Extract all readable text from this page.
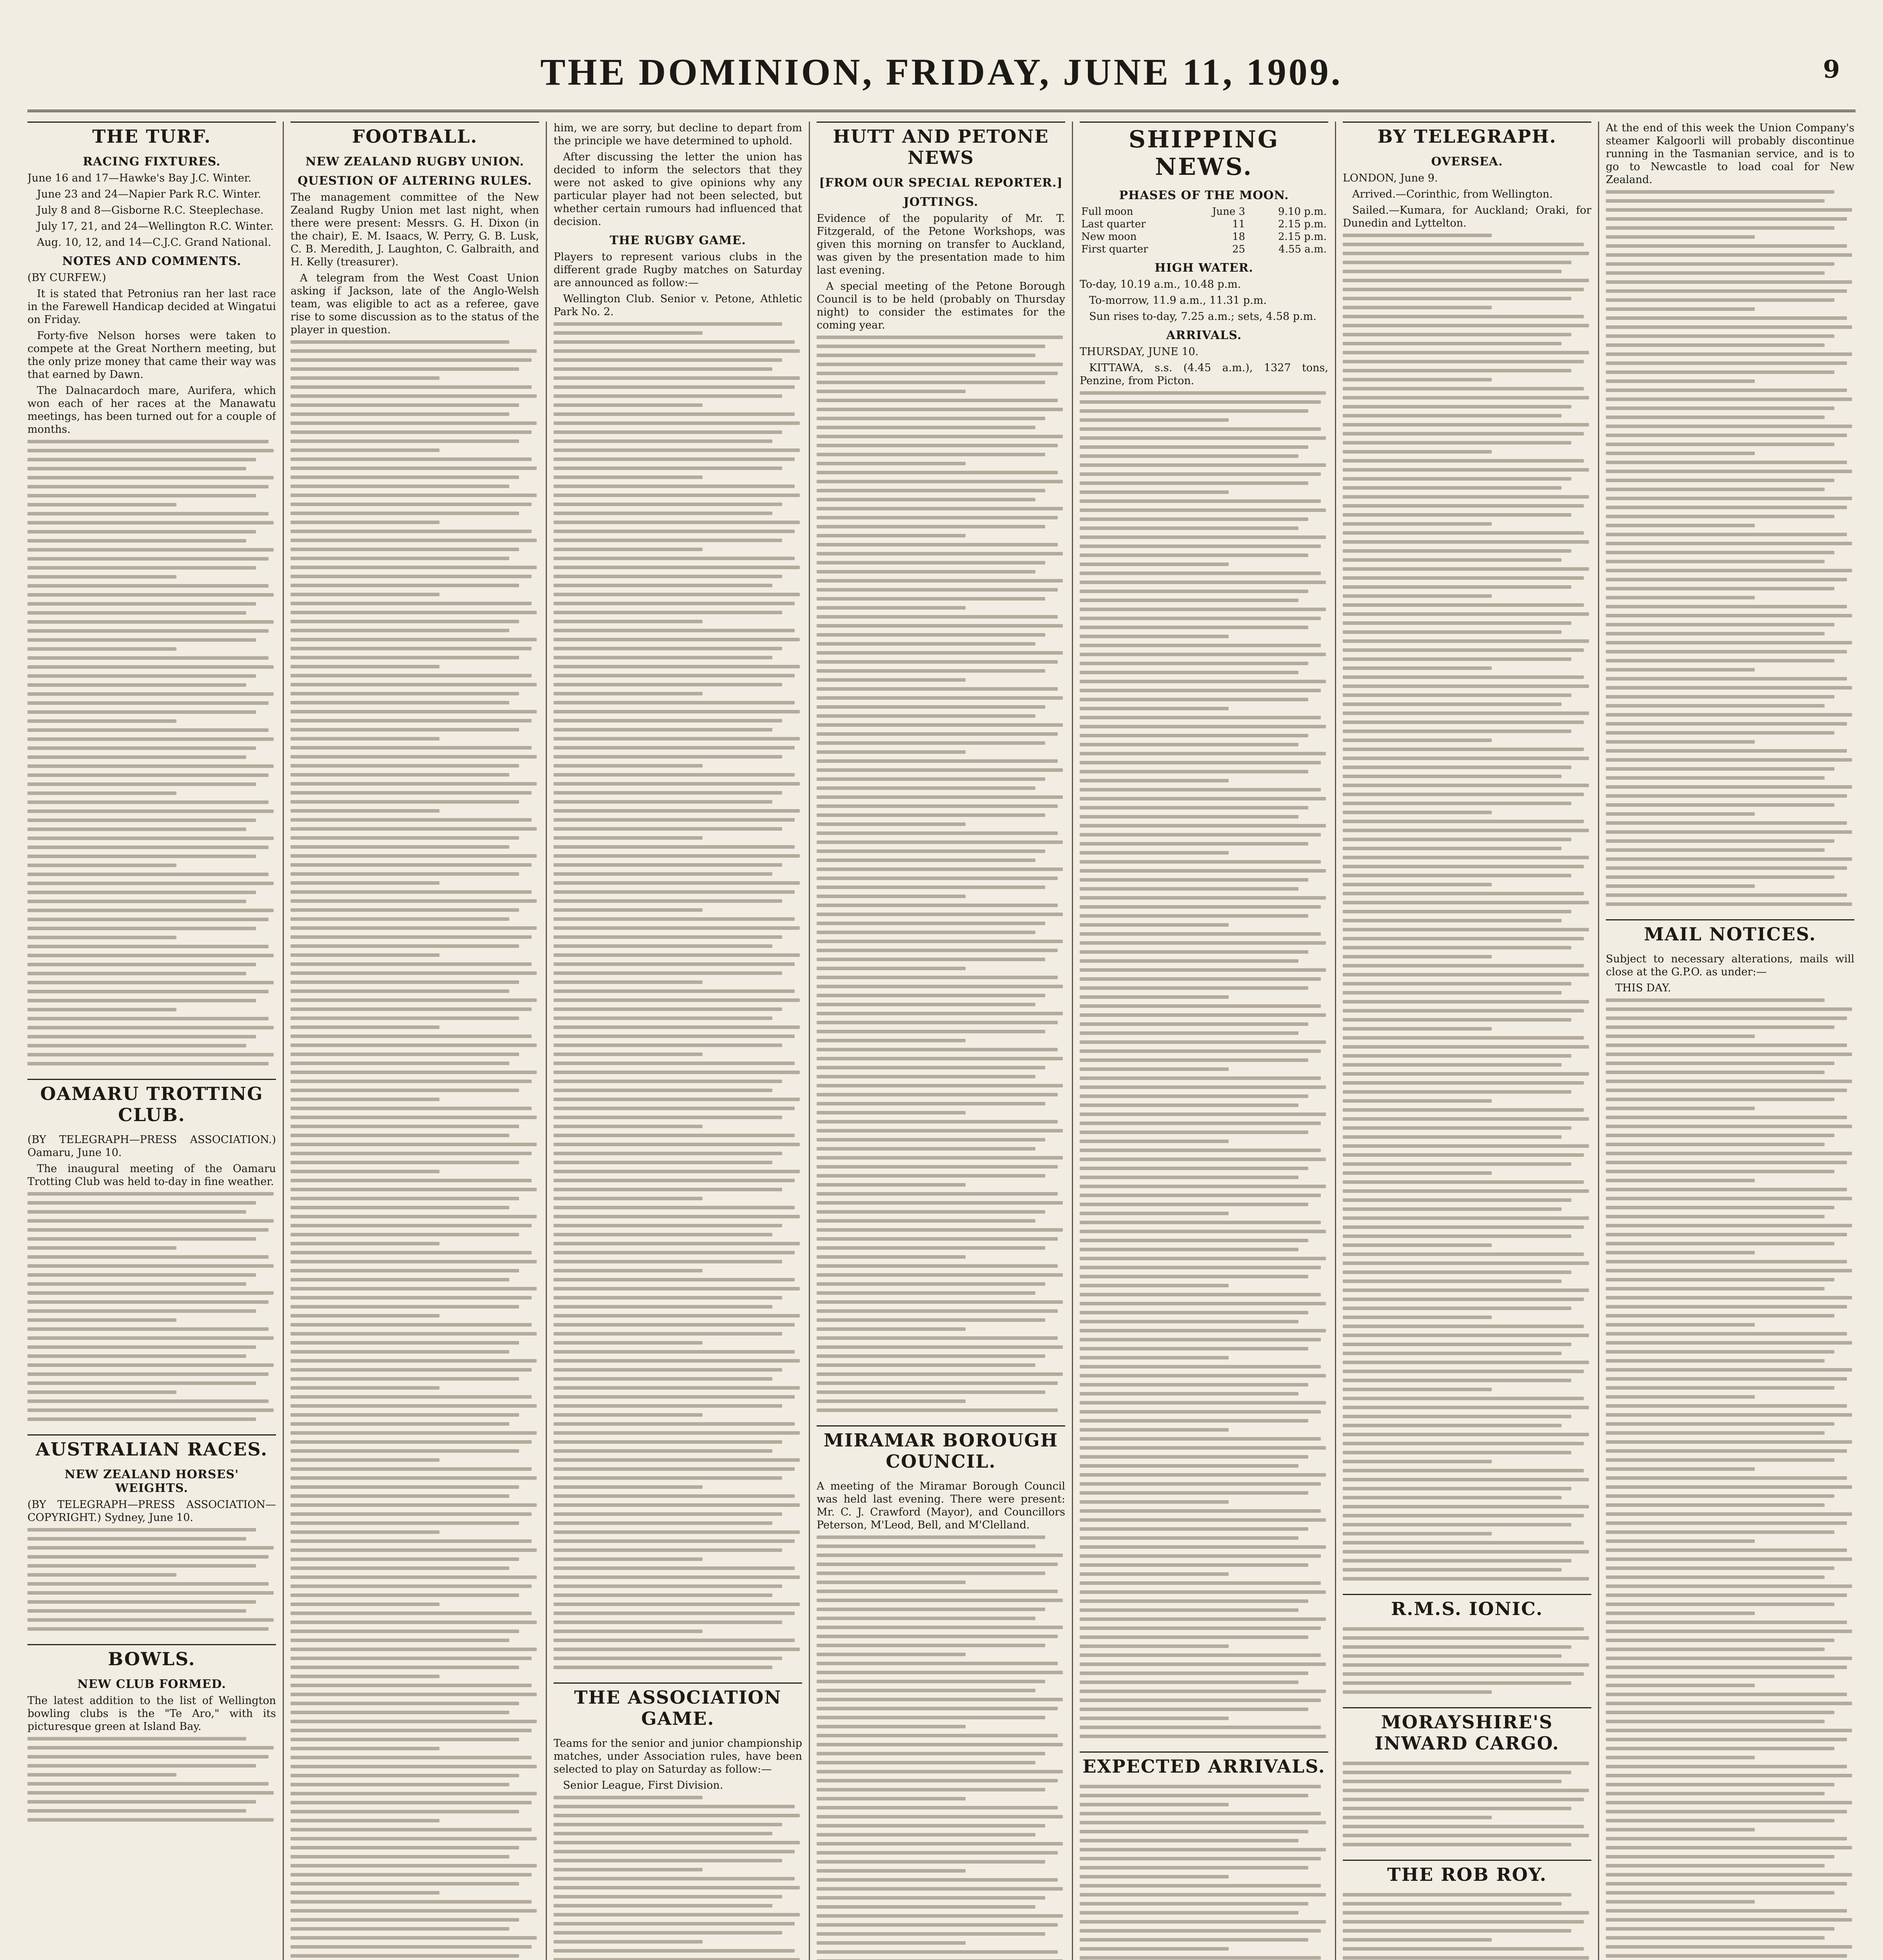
THE DOMINION, FRIDAY, JUNE 11, 1909.	9
THE TURF.
RACING FIXTURES.
June 16 and 17—Hawke's Bay J.C. Winter.
June 23 and 24—Napier Park R.C. Winter.
July 8 and 8—Gisborne R.C. Steeplechase.
July 17, 21, and 24—Wellington R.C. Winter.
Aug. 10, 12, and 14—C.J.C. Grand National.
NOTES AND COMMENTS.
(BY CURFEW.)
It is stated that Petronius ran her last race in the Farewell Handicap decided at Wingatui on Friday.
Forty-five Nelson horses were taken to compete at the Great Northern meeting, but the only prize money that came their way was that earned by Dawn.
The Dalnacardoch mare, Aurifera, which won each of her races at the Manawatu meetings, has been turned out for a couple of months.
OAMARU TROTTING CLUB.
(BY TELEGRAPH—PRESS ASSOCIATION.) Oamaru, June 10.
The inaugural meeting of the Oamaru Trotting Club was held to-day in fine weather.
AUSTRALIAN RACES.
NEW ZEALAND HORSES' WEIGHTS.
(BY TELEGRAPH—PRESS ASSOCIATION—COPYRIGHT.) Sydney, June 10.
BOWLS.
NEW CLUB FORMED.
The latest addition to the list of Wellington bowling clubs is the "Te Aro," with its picturesque green at Island Bay.
FOOTBALL.
NEW ZEALAND RUGBY UNION.
QUESTION OF ALTERING RULES.
The management committee of the New Zealand Rugby Union met last night, when there were present: Messrs. G. H. Dixon (in the chair), E. M. Isaacs, W. Perry, G. B. Lusk, C. B. Meredith, J. Laughton, C. Galbraith, and H. Kelly (treasurer).
A telegram from the West Coast Union asking if Jackson, late of the Anglo-Welsh team, was eligible to act as a referee, gave rise to some discussion as to the status of the player in question.
him, we are sorry, but decline to depart from the principle we have determined to uphold.
After discussing the letter the union has decided to inform the selectors that they were not asked to give opinions why any particular player had not been selected, but whether certain rumours had influenced that decision.
THE RUGBY GAME.
Players to represent various clubs in the different grade Rugby matches on Saturday are announced as follow:—
Wellington Club. Senior v. Petone, Athletic Park No. 2.
THE ASSOCIATION GAME.
Teams for the senior and junior championship matches, under Association rules, have been selected to play on Saturday as follow:—
Senior League, First Division.
HUTT AND PETONE NEWS
[FROM OUR SPECIAL REPORTER.]
JOTTINGS.
Evidence of the popularity of Mr. T. Fitzgerald, of the Petone Workshops, was given this morning on transfer to Auckland, was given by the presentation made to him last evening.
A special meeting of the Petone Borough Council is to be held (probably on Thursday night) to consider the estimates for the coming year.
MIRAMAR BOROUGH COUNCIL.
A meeting of the Miramar Borough Council was held last evening. There were present: Mr. C. J. Crawford (Mayor), and Councillors Peterson, M'Leod, Bell, and M'Clelland.
SHIPPING NEWS.
PHASES OF THE MOON.
Full moon	June 3	9.10 p.m.
Last quarter	11	2.15 p.m.
New moon	18	2.15 p.m.
First quarter	25	4.55 a.m.
HIGH WATER.
To-day, 10.19 a.m., 10.48 p.m.
To-morrow, 11.9 a.m., 11.31 p.m.
Sun rises to-day, 7.25 a.m.; sets, 4.58 p.m.
ARRIVALS.
THURSDAY, JUNE 10.
KITTAWA, s.s. (4.45 a.m.), 1327 tons, Penzine, from Picton.
EXPECTED ARRIVALS.
BY TELEGRAPH.
OVERSEA.
LONDON, June 9.
Arrived.—Corinthic, from Wellington.
Sailed.—Kumara, for Auckland; Oraki, for Dunedin and Lyttelton.
R.M.S. IONIC.
MORAYSHIRE'S INWARD CARGO.
THE ROB ROY.
At the end of this week the Union Company's steamer Kalgoorli will probably discontinue running in the Tasmanian service, and is to go to Newcastle to load coal for New Zealand.
MAIL NOTICES.
Subject to necessary alterations, mails will close at the G.P.O. as under:—
THIS DAY.
